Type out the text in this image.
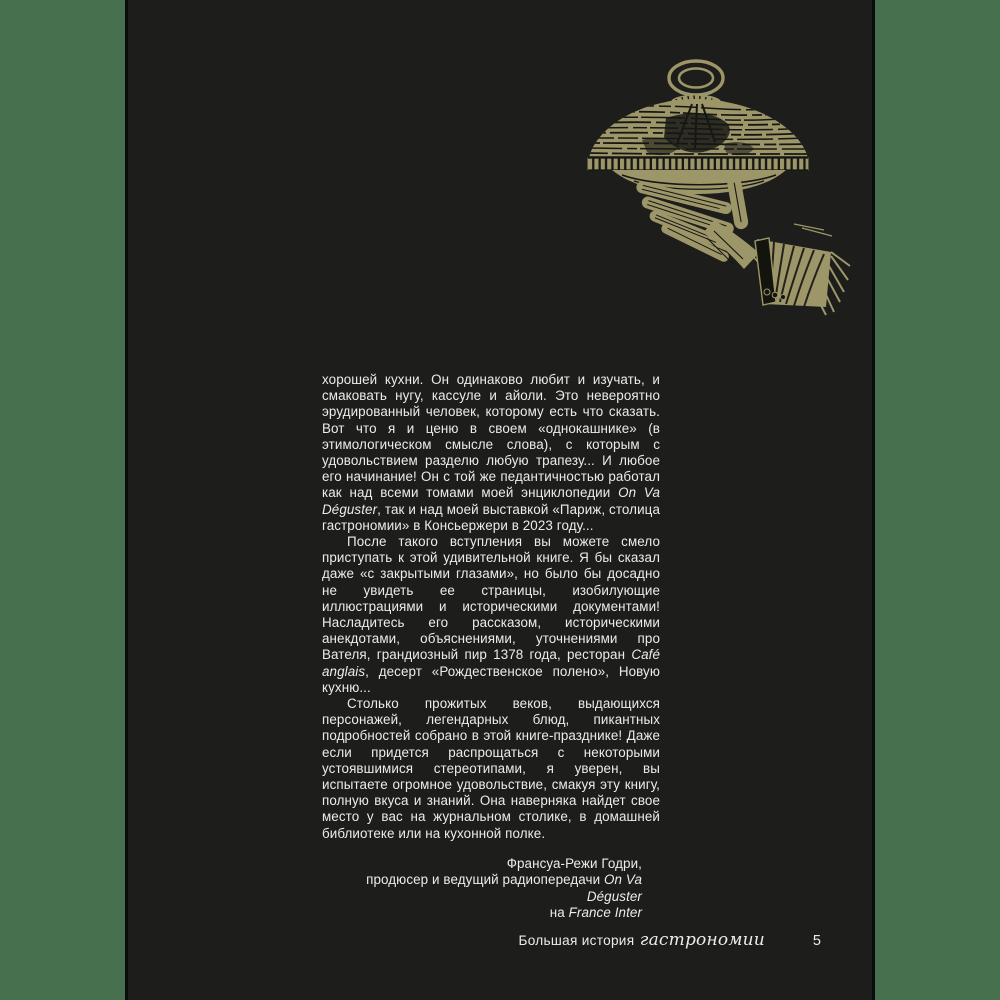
хорошей кухни. Он одинаково любит и изучать, и смаковать нугу, кассуле и айоли. Это невероятно эрудированный человек, которому есть что сказать. Вот что я и ценю в своем «однокашнике» (в этимологическом смысле слова), с которым с удовольствием разделю любую трапезу... И любое его начинание! Он с той же педантичностью работал как над всеми томами моей энциклопедии On Va Déguster, так и над моей выставкой «Париж, столица гастрономии» в Консьержери в 2023 году...

После такого вступления вы можете смело приступать к этой удивительной книге. Я бы сказал даже «с закрытыми глазами», но было бы досадно не увидеть ее страницы, изобилующие иллюстрациями и историческими документами! Насладитесь его рассказом, историческими анекдотами, объяснениями, уточнениями про Вателя, грандиозный пир 1378 года, ресторан Café anglais, десерт «Рождественское полено», Новую кухню...

Столько прожитых веков, выдающихся персонажей, легендарных блюд, пикантных подробностей собрано в этой книге-празднике! Даже если придется распрощаться с некоторыми устоявшимися стереотипами, я уверен, вы испытаете огромное удовольствие, смакуя эту книгу, полную вкуса и знаний. Она наверняка найдет свое место у вас на журнальном столике, в домашней библиотеке или на кухонной полке.

Франсуа-Режи Годри,
продюсер и ведущий радиопередачи On Va Déguster
на France Inter
Большая история гастрономии	5
